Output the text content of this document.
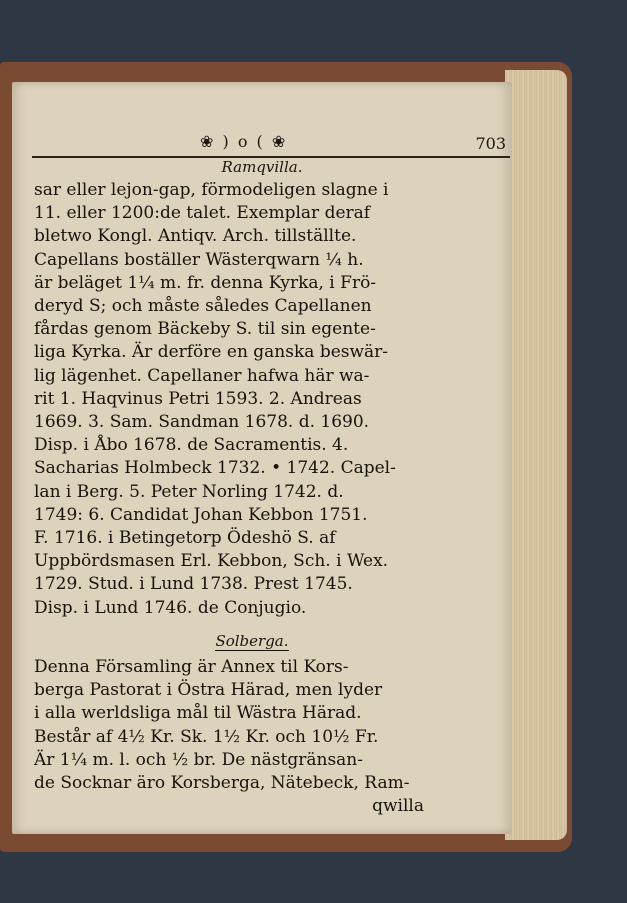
❀ ) o ( ❀	703
Ramqvilla.
sar eller lejon-gap, förmodeligen slagne i
11. eller 1200:de talet. Exemplar deraf
bletwo Kongl. Antiqv. Arch. tillställte.
Capellans boställer Wästerqwarn ¼ h.
är beläget 1¼ m. fr. denna Kyrka, i Frö-
deryd S; och måste således Capellanen
fårdas genom Bäckeby S. til sin egente-
liga Kyrka. Är derföre en ganska beswär-
lig lägenhet. Capellaner hafwa här wa-
rit 1. Haqvinus Petri 1593. 2. Andreas
1669. 3. Sam. Sandman 1678. d. 1690.
Disp. i Åbo 1678. de Sacramentis. 4.
Sacharias Holmbeck 1732. • 1742. Capel-
lan i Berg. 5. Peter Norling 1742. d.
1749: 6. Candidat Johan Kebbon 1751.
F. 1716. i Betingetorp Ödeshö S. af
Uppbördsmasen Erl. Kebbon, Sch. i Wex.
1729. Stud. i Lund 1738. Prest 1745.
Disp. i Lund 1746. de Conjugio.
Solberga.
Denna Församling är Annex til Kors-
berga Pastorat i Östra Härad, men lyder
i alla werldsliga mål til Wästra Härad.
Består af 4½ Kr. Sk. 1½ Kr. och 10½ Fr.
Är 1¼ m. l. och ½ br. De nästgränsan-
de Socknar äro Korsberga, Nätebeck, Ram-
qwilla
